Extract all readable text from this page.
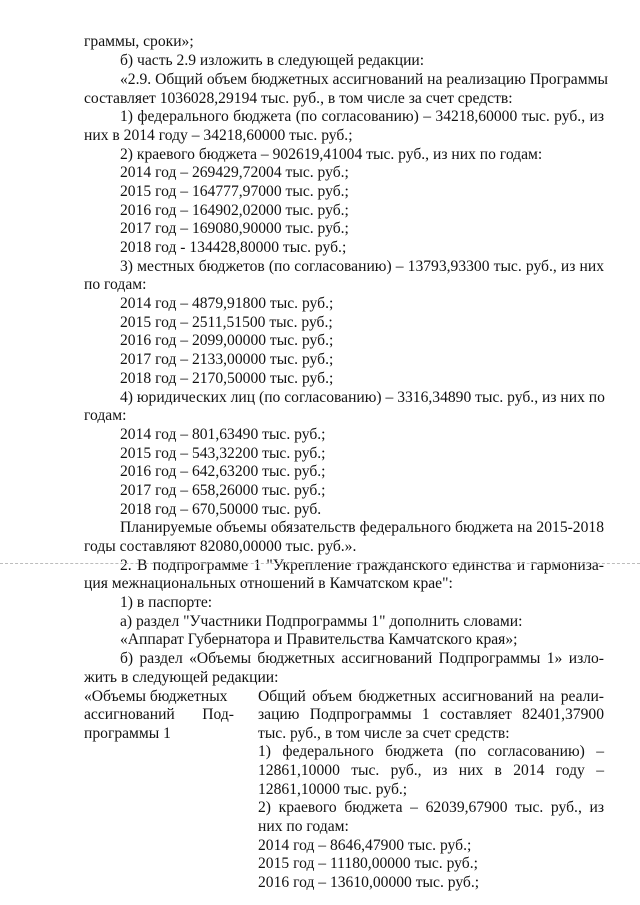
граммы, сроки»;
б) часть 2.9 изложить в следующей редакции:
«2.9. Общий объем бюджетных ассигнований на реализацию Программы
составляет 1036028,29194 тыс. руб., в том числе за счет средств:
1) федерального бюджета (по согласованию) – 34218,60000 тыс. руб., из
них в 2014 году – 34218,60000 тыс. руб.;
2) краевого бюджета – 902619,41004 тыс. руб., из них по годам:
2014 год – 269429,72004 тыс. руб.;
2015 год – 164777,97000 тыс. руб.;
2016 год – 164902,02000 тыс. руб.;
2017 год – 169080,90000 тыс. руб.;
2018 год - 134428,80000 тыс. руб.;
3) местных бюджетов (по согласованию) – 13793,93300 тыс. руб., из них
по годам:
2014 год – 4879,91800 тыс. руб.;
2015 год – 2511,51500 тыс. руб.;
2016 год – 2099,00000 тыс. руб.;
2017 год – 2133,00000 тыс. руб.;
2018 год – 2170,50000 тыс. руб.;
4) юридических лиц (по согласованию) – 3316,34890 тыс. руб., из них по
годам:
2014 год – 801,63490 тыс. руб.;
2015 год – 543,32200 тыс. руб.;
2016 год – 642,63200 тыс. руб.;
2017 год – 658,26000 тыс. руб.;
2018 год – 670,50000 тыс. руб.
Планируемые объемы обязательств федерального бюджета на 2015-2018
годы составляют 82080,00000 тыс. руб.».
2. В подпрограмме 1 "Укрепление гражданского единства и гармониза-
ция межнациональных отношений в Камчатском крае":
1) в паспорте:
а) раздел "Участники Подпрограммы 1" дополнить словами:
«Аппарат Губернатора и Правительства Камчатского края»;
б) раздел «Объемы бюджетных ассигнований Подпрограммы 1» излo-
жить в следующей редакции:
«Объемы бюджетных
ассигнований Под-
программы 1
Общий объем бюджетных ассигнований на реали-
зацию Подпрограммы 1 составляет 82401,37900
тыс. руб., в том числе за счет средств:
1) федерального бюджета (по согласованию) –
12861,10000 тыс. руб., из них в 2014 году –
12861,10000 тыс. руб.;
2) краевого бюджета – 62039,67900 тыс. руб., из
них по годам:
2014 год – 8646,47900 тыс. руб.;
2015 год – 11180,00000 тыс. руб.;
2016 год – 13610,00000 тыс. руб.;
